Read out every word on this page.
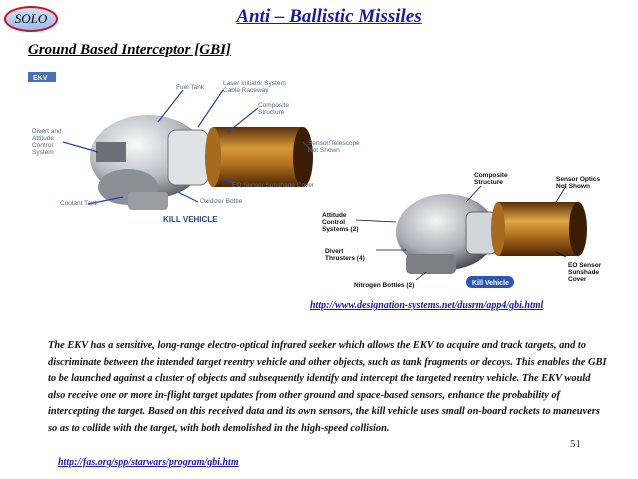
SOLO	Anti – Ballistic Missiles
Ground Based Interceptor [GBI]
EKV
KILL VEHICLE
Fuel Tank
Laser Initiator System Cable Raceway
Composite Structure
Divert and Attitude Control System
Sensor/Telescope Not Shown
EO Sensor Sunshade Cover
Coolant Tank	Oxidizer Bottle
Kill Vehicle
Composite Structure	Sensor Optics Not Shown
Attitude Control Systems (2)
Divert Thrusters (4)
EO Sensor Sunshade Cover
Nitrogen Bottles (2)
http://www.designation-systems.net/dusrm/app4/gbi.html
The EKV has a sensitive, long-range electro-optical infrared seeker which allows the EKV to acquire and track targets, and to discriminate between the intended target reentry vehicle and other objects, such as tank fragments or decoys. This enables the GBI to be launched against a cluster of objects and subsequently identify and intercept the targeted reentry vehicle. The EKV would also receive one or more in-flight target updates from other ground and space-based sensors, enhance the probability of intercepting the target. Based on this received data and its own sensors, the kill vehicle uses small on-board rockets to maneuvers so as to collide with the target, with both demolished in the high-speed collision.
51
http://fas.org/spp/starwars/program/gbi.htm
